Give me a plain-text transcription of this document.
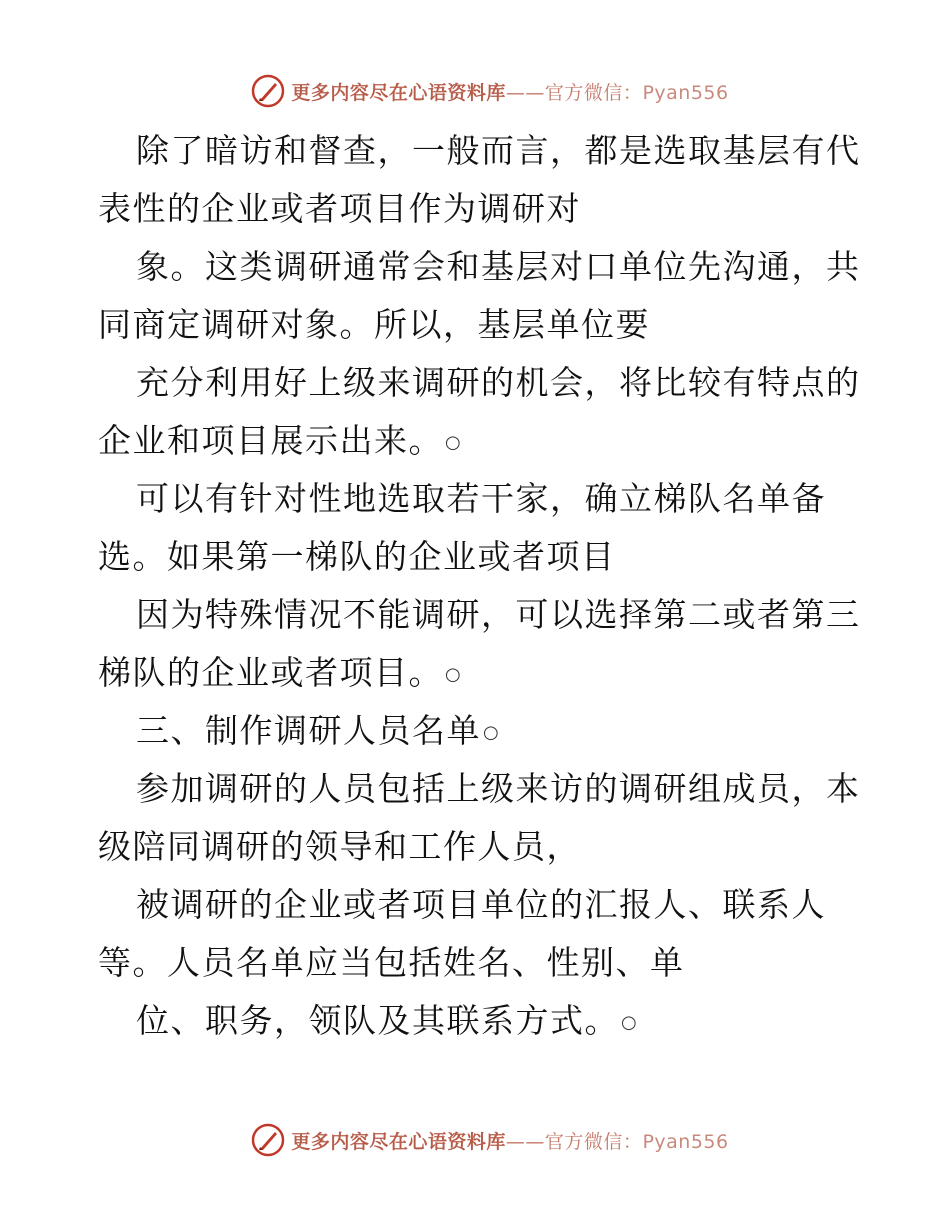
更多内容尽在心语资料库——官方微信：Pyan556
除了暗访和督查，一般而言，都是选取基层有代
表性的企业或者项目作为调研对
象。这类调研通常会和基层对口单位先沟通，共
同商定调研对象。所以，基层单位要
充分利用好上级来调研的机会，将比较有特点的
企业和项目展示出来。 ○
可以有针对性地选取若干家，确立梯队名单备
选。如果第一梯队的企业或者项目
因为特殊情况不能调研，可以选择第二或者第三
梯队的企业或者项目。 ○
三、制作调研人员名单 ○
参加调研的人员包括上级来访的调研组成员，本
级陪同调研的领导和工作人员，
被调研的企业或者项目单位的汇报人、联系人
等。人员名单应当包括姓名、性别、单
位、职务，领队及其联系方式。 ○
更多内容尽在心语资料库——官方微信：Pyan556
